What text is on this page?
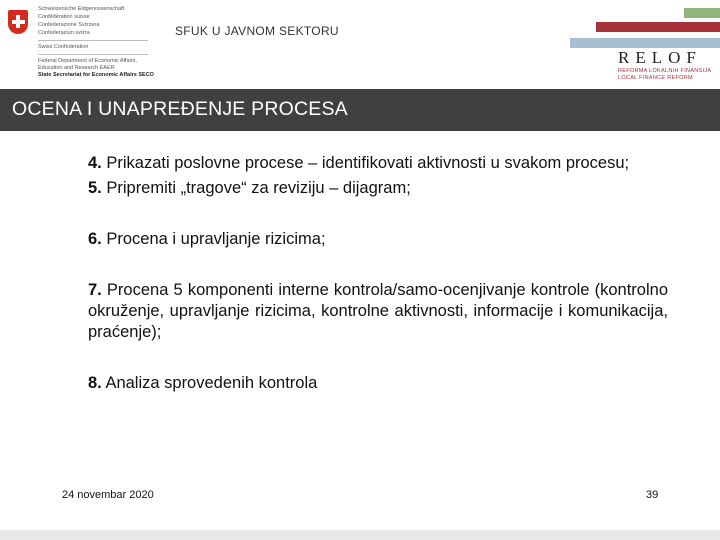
Schweizerische Eidgenossenschaft
Confédération suisse
Confederazione Svizzera
Confederaziun svizra
Swiss Confederation
Federal Department of Economic Affairs,
Education and Research EAER
State Secretariat for Economic Affairs SECO
SFUK U JAVNOM SEKTORU
RELOF
REFORMA LOKALNIH FINANSIJA
LOCAL FINANCE REFORM
OCENA I UNAPREĐENJE PROCESA
4. Prikazati poslovne procese – identifikovati aktivnosti u svakom procesu;
5. Pripremiti „tragove“ za reviziju – dijagram;
6. Procena i upravljanje rizicima;
7. Procena 5 komponenti interne kontrola/samo-ocenjivanje kontrole (kontrolno okruženje, upravljanje rizicima, kontrolne aktivnosti, informacije i komunikacija, praćenje);
8. Analiza sprovedenih kontrola
24 novembar 2020	39
